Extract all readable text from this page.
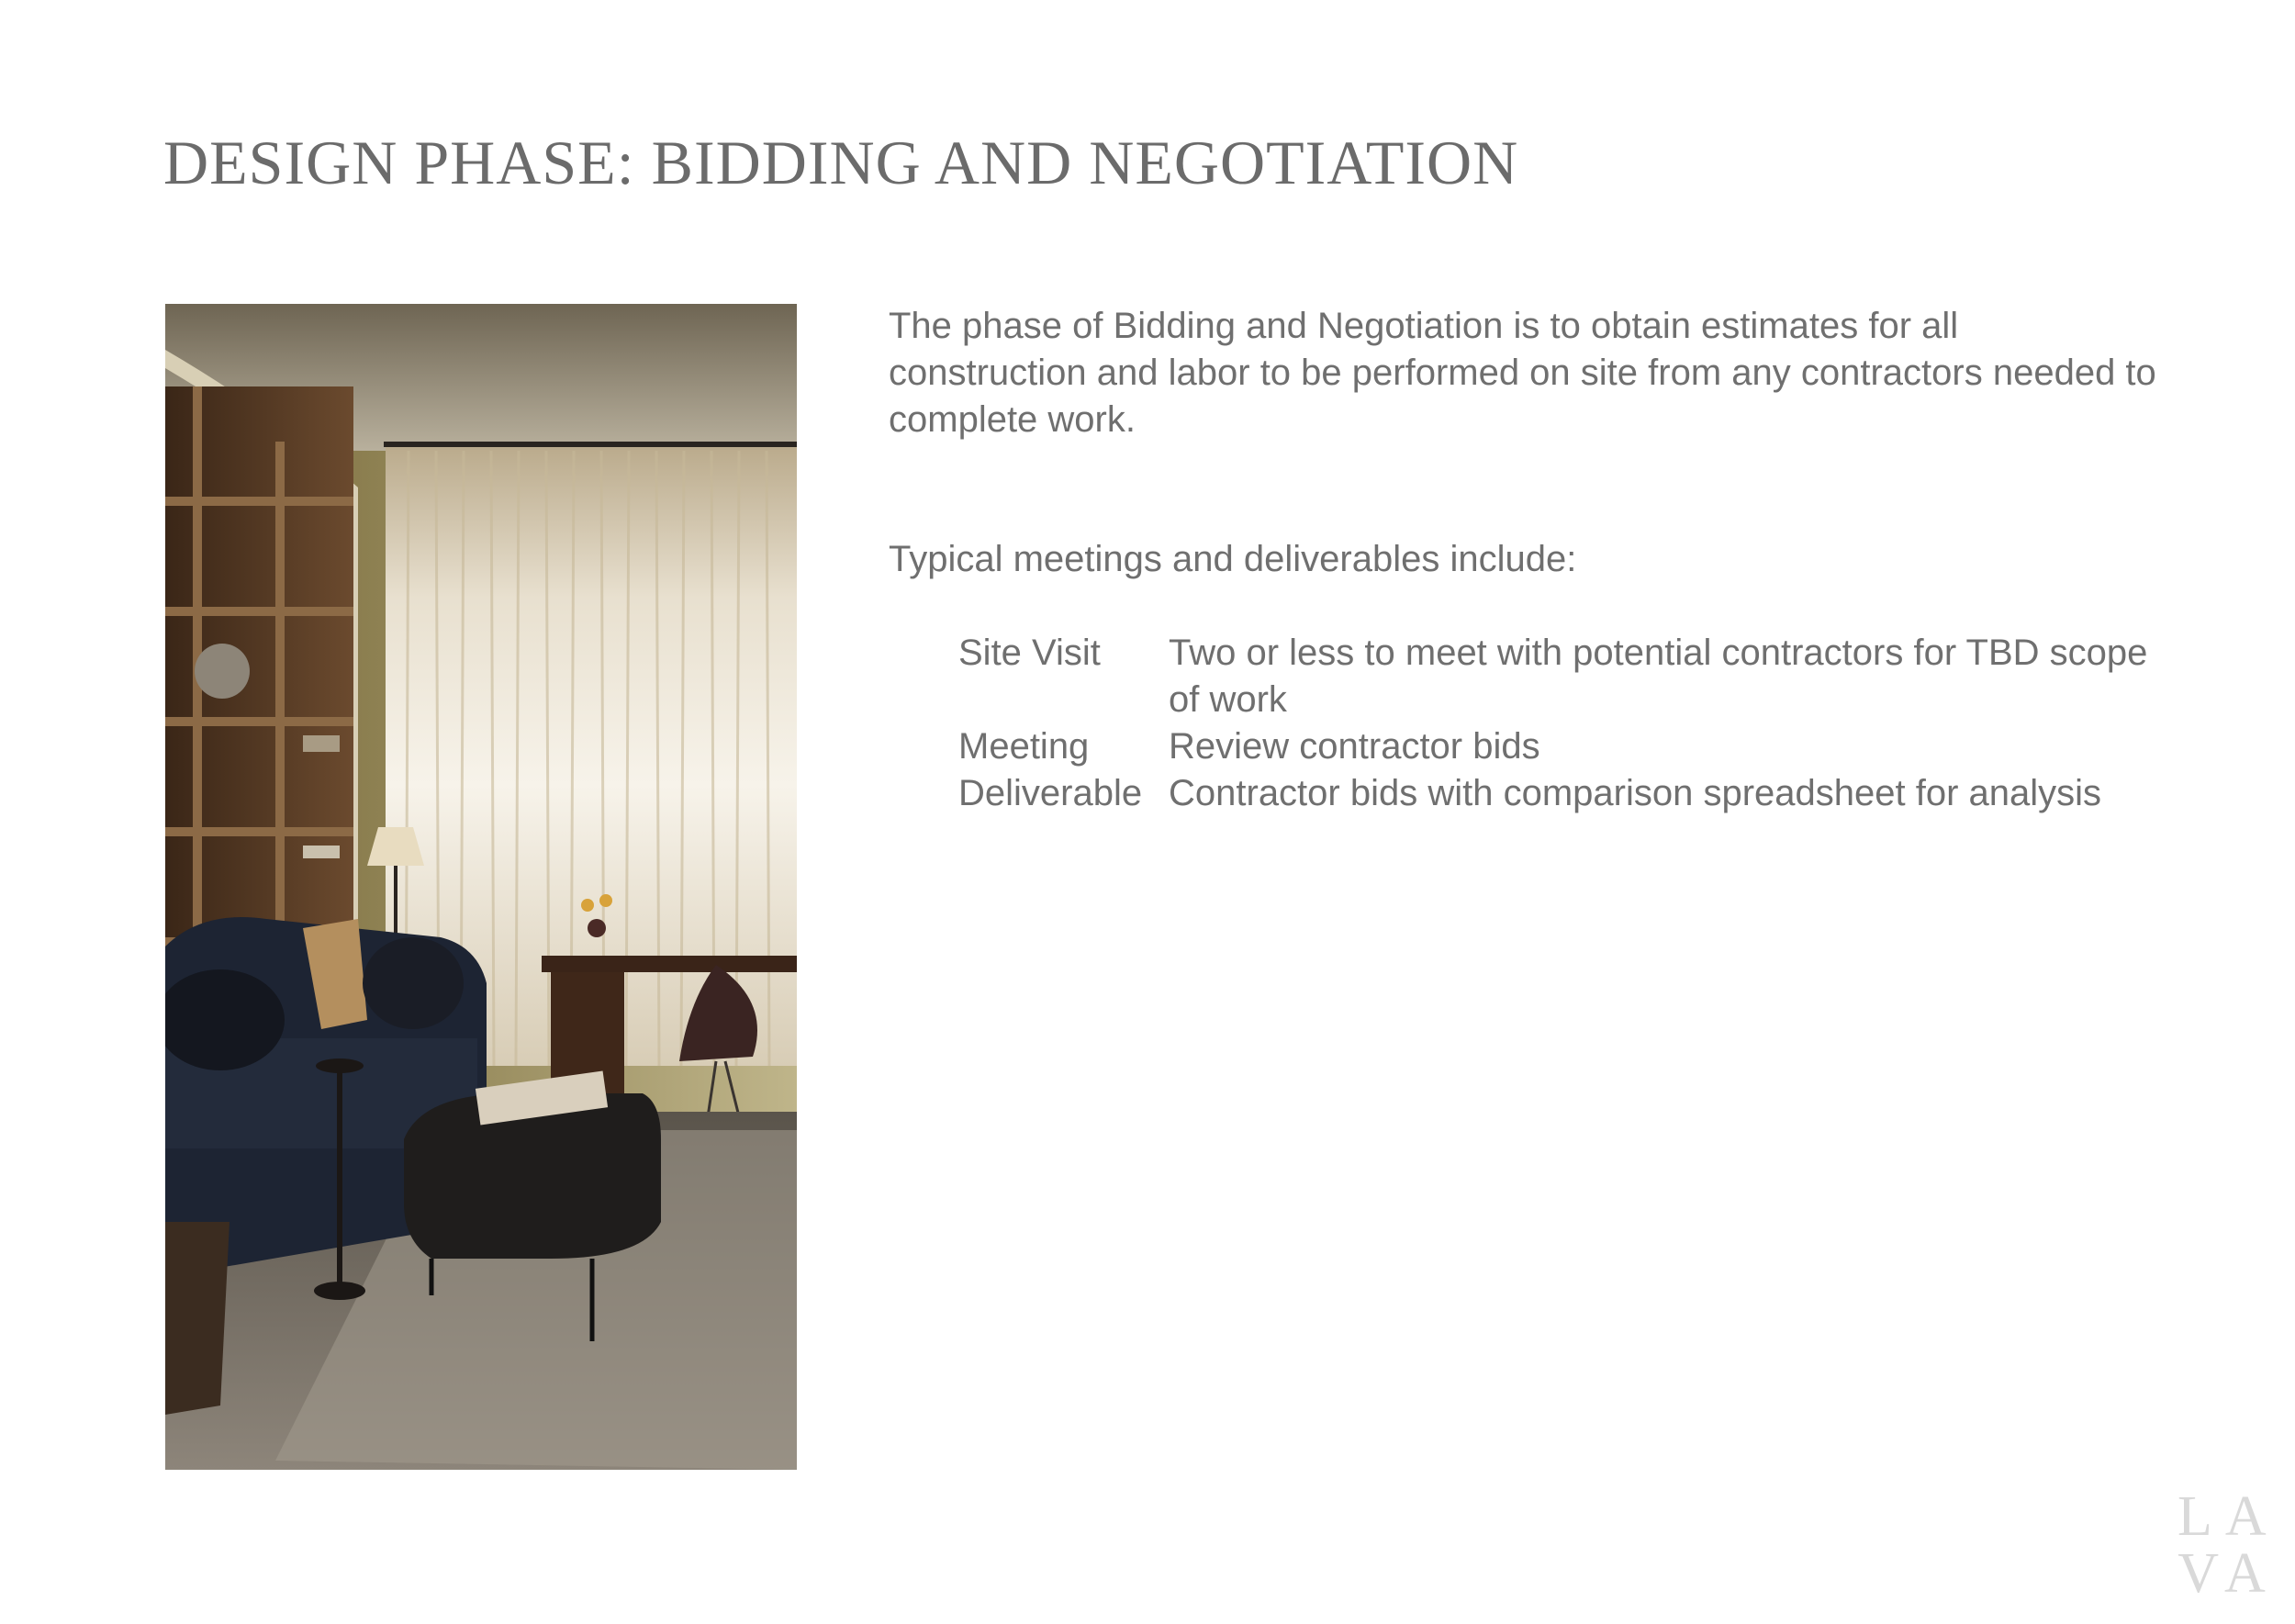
DESIGN PHASE: BIDDING AND NEGOTIATION

The phase of Bidding and Negotiation is to obtain estimates for all construction and labor to be performed on site from any contractors needed to complete work.

Typical meetings and deliverables include:

Site Visit	Two or less to meet with potential contractors for TBD scope of work
Meeting	Review contractor bids
Deliverable Contractor bids with comparison spreadsheet for analysis
LA
VA
